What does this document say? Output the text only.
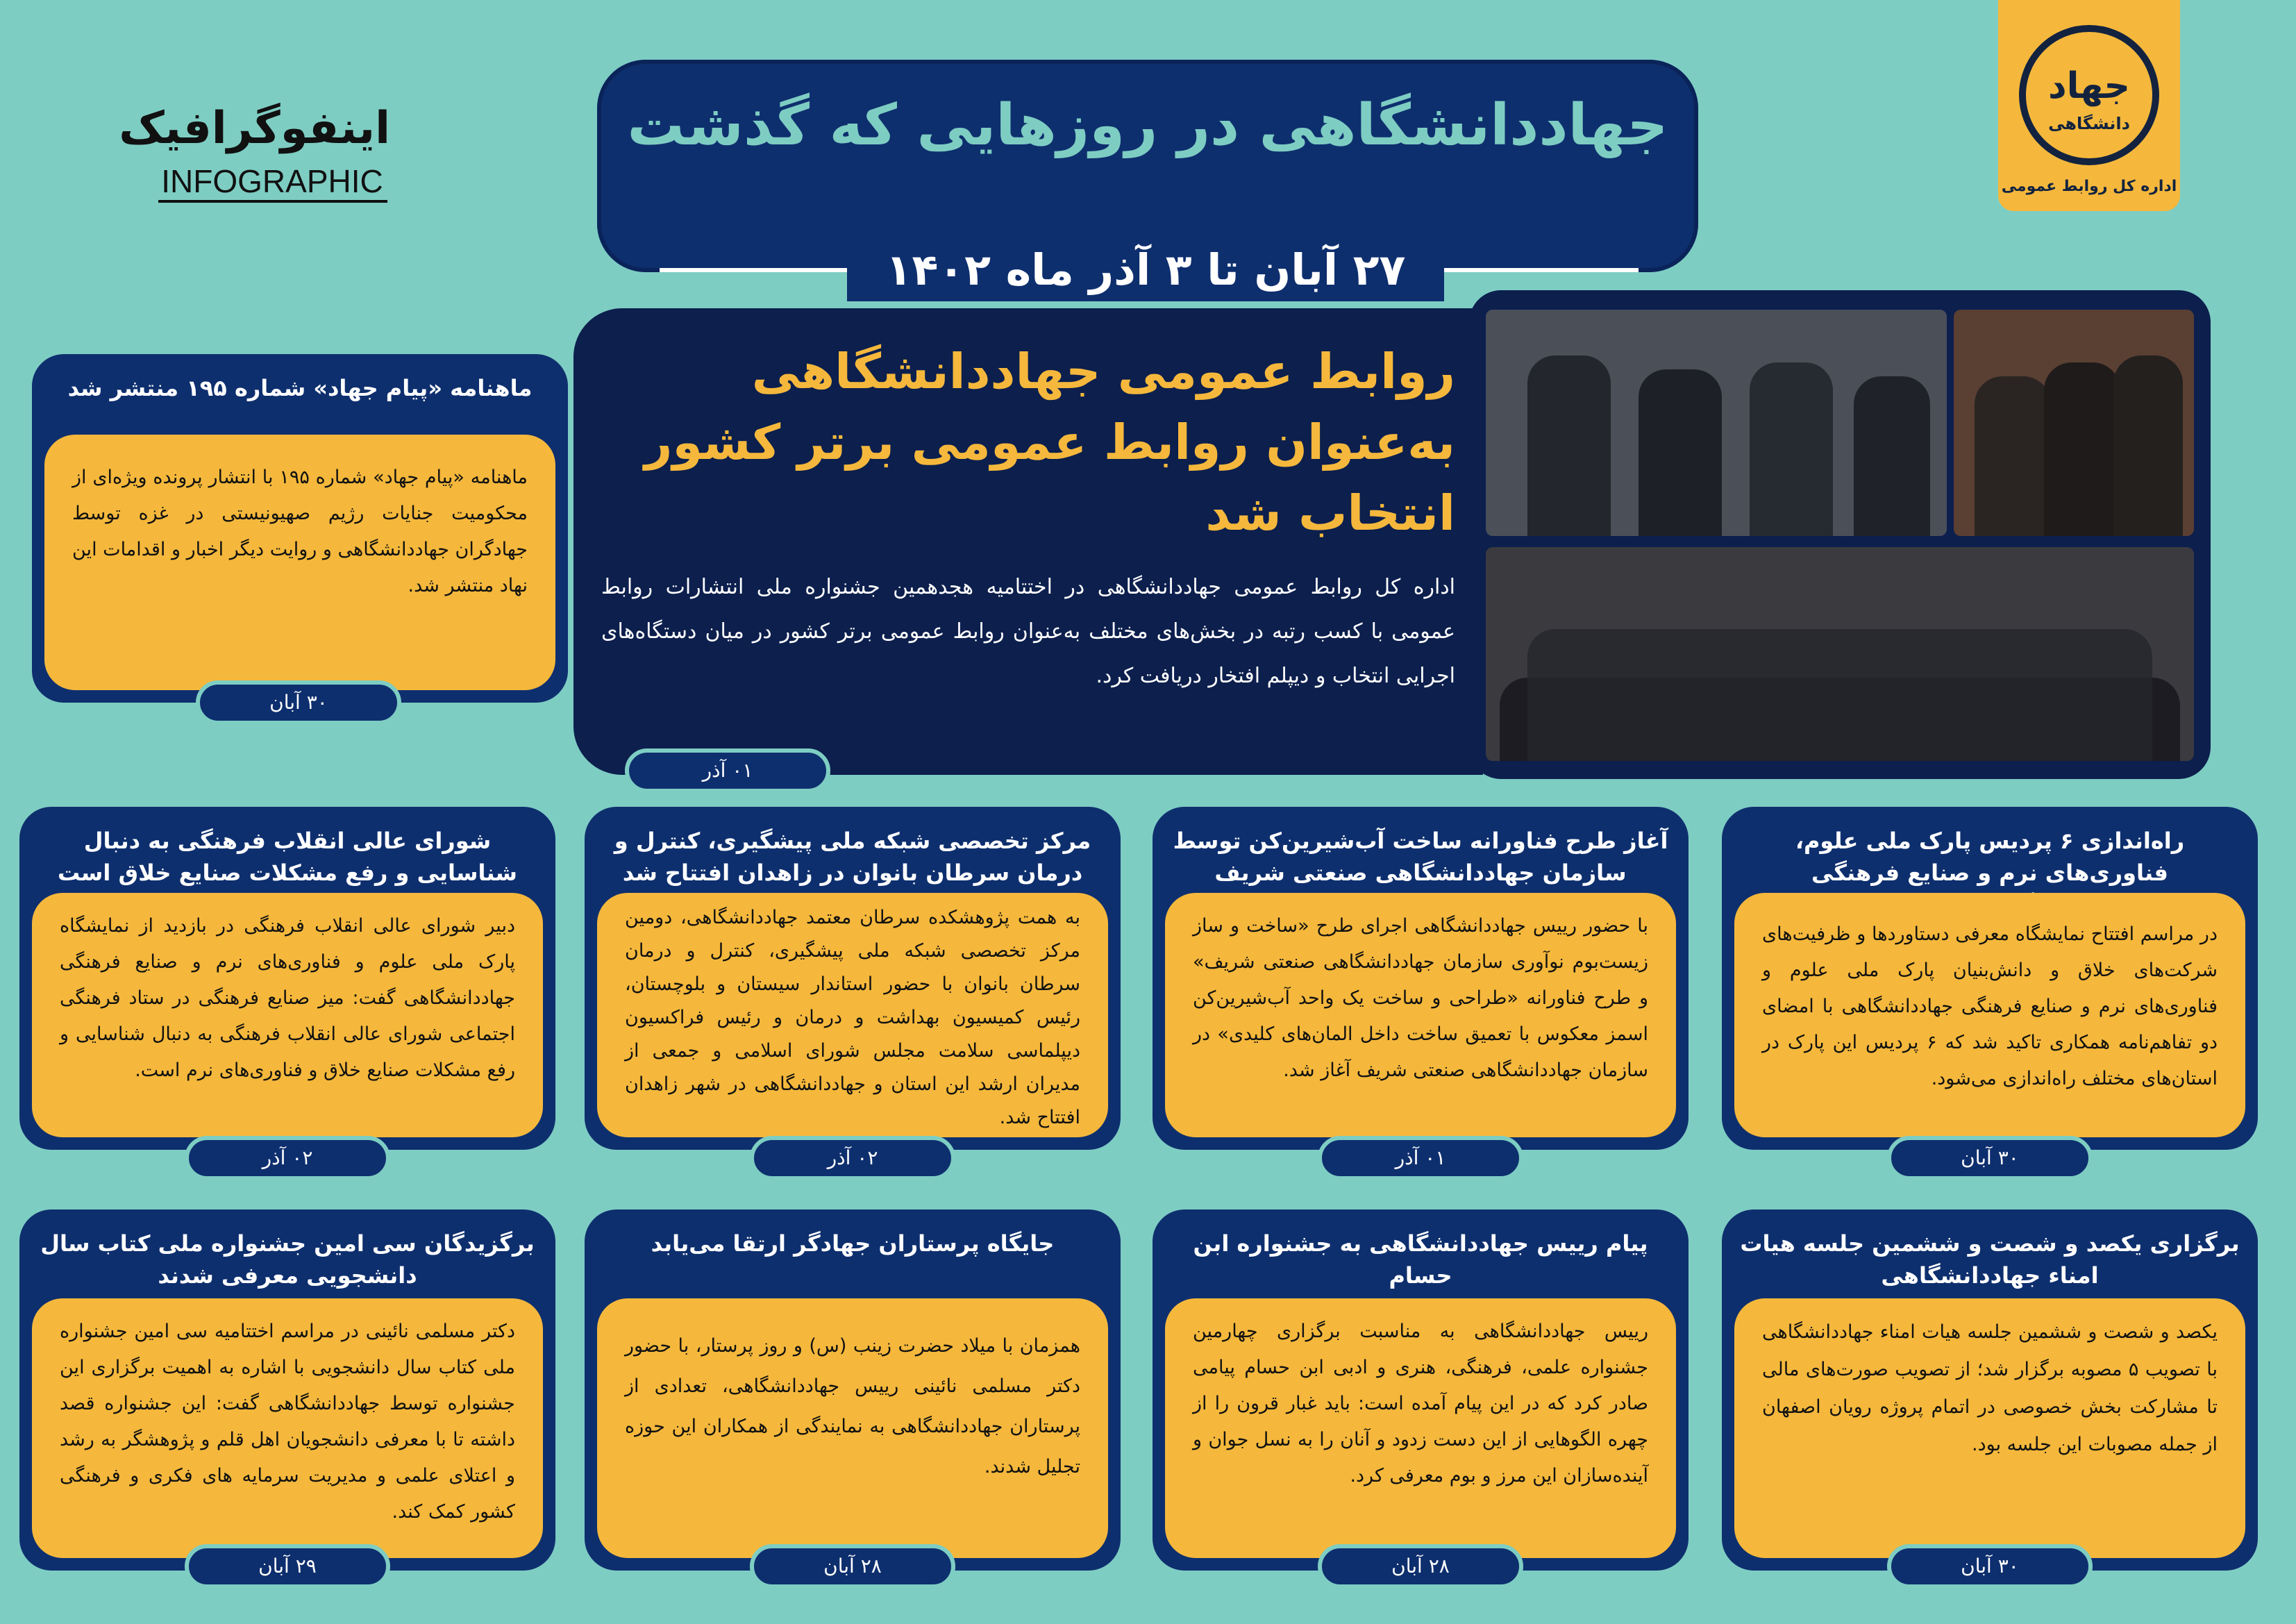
جهاددانشگاهی در روزهایی که گذشت
۲۷ آبان تا ۳ آذر ماه ۱۴۰۲
جهاد
دانشگاهی
اداره کل روابط عمومی
اینفوگرافیک
INFOGRAPHIC
روابط عمومی جهاددانشگاهی به‌عنوان روابط عمومی برتر کشور انتخاب شد
اداره کل روابط عمومی جهاددانشگاهی در اختتامیه هجدهمین جشنواره ملی انتشارات روابط عمومی با کسب رتبه در بخش‌های مختلف به‌عنوان روابط عمومی برتر کشور در میان دستگاه‌های اجرایی انتخاب و دیپلم افتخار دریافت کرد.
۰۱ آذر
ماهنامه «پیام جهاد» شماره ۱۹۵ منتشر شد
ماهنامه «پیام جهاد» شماره ۱۹۵ با انتشار پرونده ویژه‌ای از محکومیت جنایات رژیم صهیونیستی در غزه توسط جهادگران جهاددانشگاهی و روایت دیگر اخبار و اقدامات این نهاد منتشر شد.
۳۰ آبان
راه‌اندازی ۶ پردیس پارک ملی علوم، فناوری‌های نرم و صنایع فرهنگی
در مراسم افتتاح نمایشگاه معرفی دستاوردها و ظرفیت‌های شرکت‌های خلاق و دانش‌بنیان پارک ملی علوم و فناوری‌های نرم و صنایع فرهنگی جهاددانشگاهی با امضای دو تفاهم‌نامه همکاری تاکید شد که ۶ پردیس این پارک در استان‌های مختلف راه‌اندازی می‌شود.
۳۰ آبان
آغاز طرح فناورانه ساخت آب‌شیرین‌کن توسط سازمان جهاددانشگاهی صنعتی شریف
با حضور رییس جهاددانشگاهی اجرای طرح «ساخت و ساز زیست‌بوم نوآوری سازمان جهاددانشگاهی صنعتی شریف» و طرح فناورانه «طراحی و ساخت یک واحد آب‌شیرین‌کن اسمز معکوس با تعمیق ساخت داخل المان‌های کلیدی» در سازمان جهاددانشگاهی صنعتی شریف آغاز شد.
۰۱ آذر
مرکز تخصصی شبکه ملی پیشگیری، کنترل و درمان سرطان بانوان در زاهدان افتتاح شد
به همت پژوهشکده سرطان معتمد جهاددانشگاهی، دومین مرکز تخصصی شبکه ملی پیشگیری، کنترل و درمان سرطان بانوان با حضور استاندار سیستان و بلوچستان، رئیس کمیسیون بهداشت و درمان و رئیس فراکسیون دیپلماسی سلامت مجلس شورای اسلامی و جمعی از مدیران ارشد این استان و جهاددانشگاهی در شهر زاهدان افتتاح شد.
۰۲ آذر
شورای عالی انقلاب فرهنگی به دنبال شناسایی و رفع مشکلات صنایع خلاق است
دبیر شورای عالی انقلاب فرهنگی در بازدید از نمایشگاه پارک ملی علوم و فناوری‌های نرم و صنایع فرهنگی جهاددانشگاهی گفت: میز صنایع فرهنگی در ستاد فرهنگی اجتماعی شورای عالی انقلاب فرهنگی به دنبال شناسایی و رفع مشکلات صنایع خلاق و فناوری‌های نرم است.
۰۲ آذر
برگزاری یکصد و شصت و ششمین جلسه هیات امناء جهاددانشگاهی
یکصد و شصت و ششمین جلسه هیات امناء جهاددانشگاهی با تصویب ۵ مصوبه برگزار شد؛ از تصویب صورت‌های مالی تا مشارکت بخش خصوصی در اتمام پروژه رویان اصفهان از جمله مصوبات این جلسه بود.
۳۰ آبان
پیام رییس جهاددانشگاهی به جشنواره ابن حسام
رییس جهاددانشگاهی به مناسبت برگزاری چهارمین جشنواره علمی، فرهنگی، هنری و ادبی ابن حسام پیامی صادر کرد که در این پیام آمده است: باید غبار قرون را از چهره الگوهایی از این دست زدود و آنان را به نسل جوان و آینده‌سازان این مرز و بوم معرفی کرد.
۲۸ آبان
جایگاه پرستاران جهادگر ارتقا می‌یابد
همزمان با میلاد حضرت زینب (س) و روز پرستار، با حضور دکتر مسلمی نائینی رییس جهاددانشگاهی، تعدادی از پرستاران جهاددانشگاهی به نمایندگی از همکاران این حوزه تجلیل شدند.
۲۸ آبان
برگزیدگان سی امین جشنواره ملی کتاب سال دانشجویی معرفی شدند
دکتر مسلمی نائینی در مراسم اختتامیه سی امین جشنواره ملی کتاب سال دانشجویی با اشاره به اهمیت برگزاری این جشنواره توسط جهاددانشگاهی گفت: این جشنواره قصد داشته تا با معرفی دانشجویان اهل قلم و پژوهشگر به رشد و اعتلای علمی و مدیریت سرمایه های فکری و فرهنگی کشور کمک کند.
۲۹ آبان
